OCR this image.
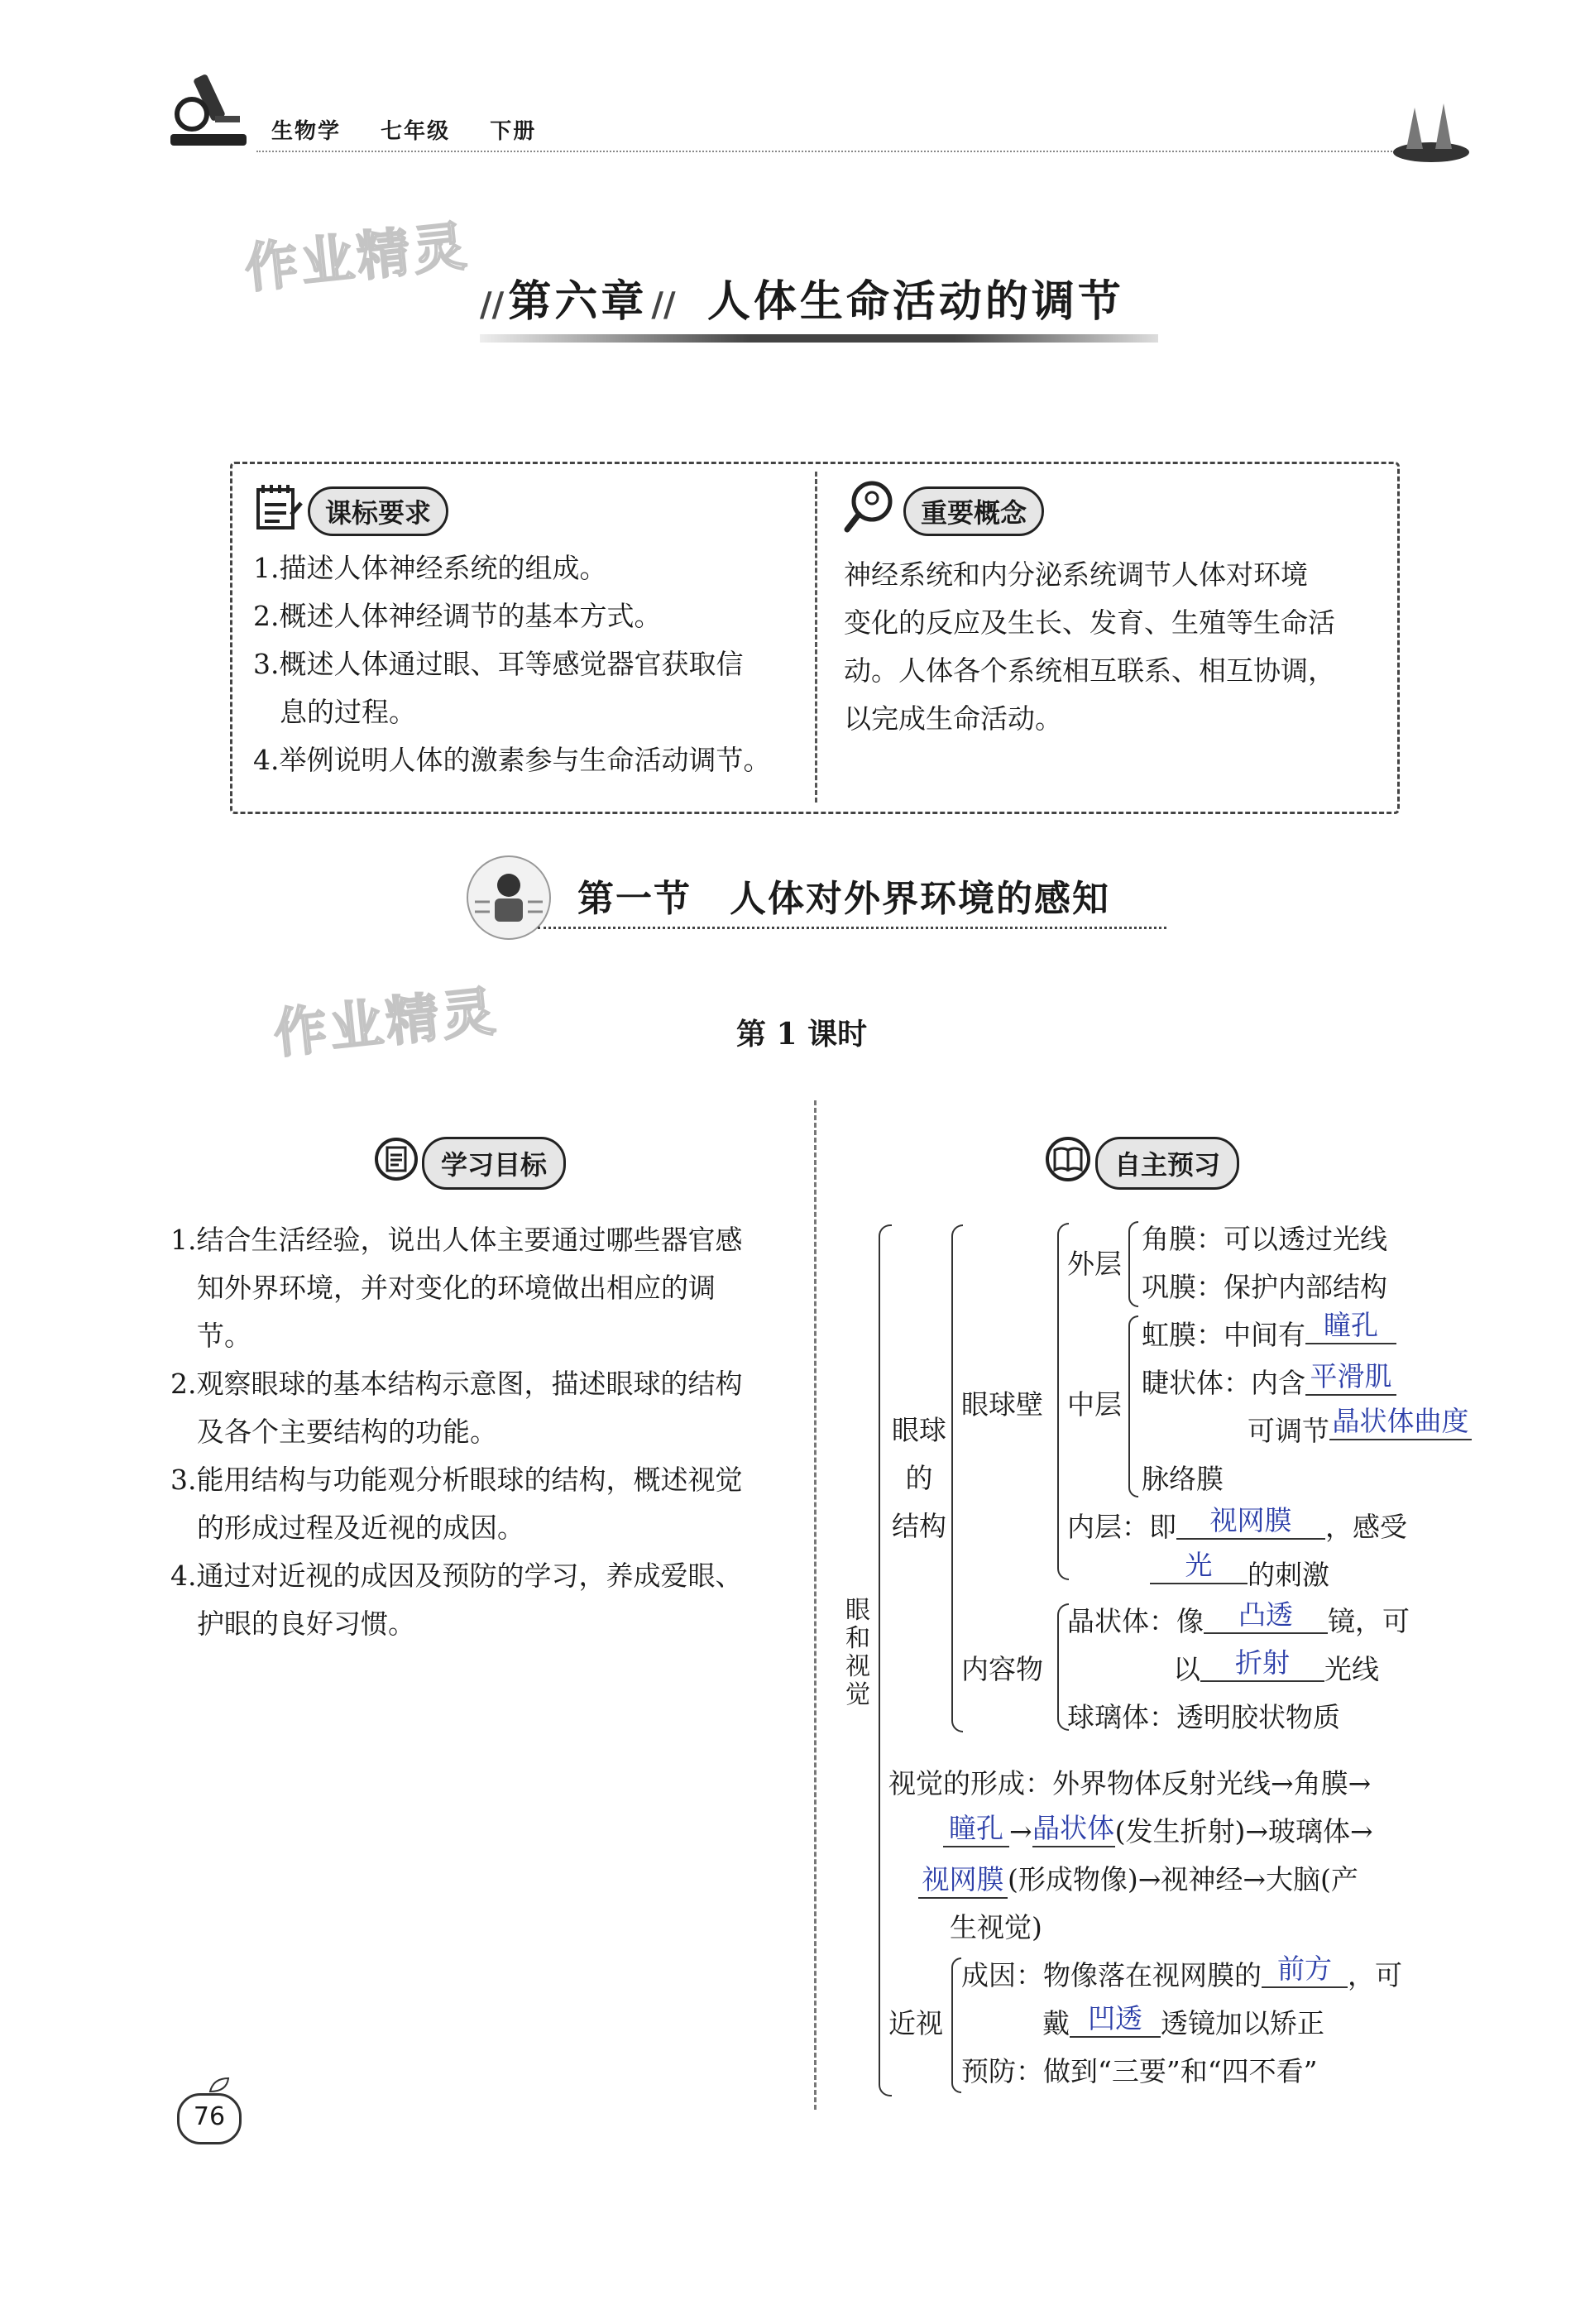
生物学 七年级 下册
作业精灵
作业精灵
// 第六章 // 人体生命活动的调节
课标要求
1.描述人体神经系统的组成。
2.概述人体神经调节的基本方式。
3.概述人体通过眼、耳等感觉器官获取信
息的过程。
4.举例说明人体的激素参与生命活动调节。
重要概念
神经系统和内分泌系统调节人体对环境
变化的反应及生长、发育、生殖等生命活
动。人体各个系统相互联系、相互协调，
以完成生命活动。
第一节　人体对外界环境的感知
第 1 课时
学习目标
1.结合生活经验，说出人体主要通过哪些器官感
知外界环境，并对变化的环境做出相应的调
节。
2.观察眼球的基本结构示意图，描述眼球的结构
及各个主要结构的功能。
3.能用结构与功能观分析眼球的结构，概述视觉
的形成过程及近视的成因。
4.通过对近视的成因及预防的学习，养成爱眼、
护眼的良好习惯。
自主预习
眼和视觉
眼球
的
结构
眼球壁
外层
角膜：可以透过光线
巩膜：保护内部结构
中层
虹膜：中间有 瞳孔
睫状体：内含 平滑肌
可调节 晶状体曲度
脉络膜
内层：即 视网膜 ，感受
光 的刺激
内容物
晶状体：像 凸透 镜，可
以 折射 光线
球璃体：透明胶状物质
视觉的形成：外界物体反射光线→角膜→
瞳孔 →晶状体(发生折射)→玻璃体→
视网膜 (形成物像)→视神经→大脑(产
生视觉)
近视
成因：物像落在视网膜的 前方 ，可
戴 凹透 透镜加以矫正
预防：做到“三要”和“四不看”
76
